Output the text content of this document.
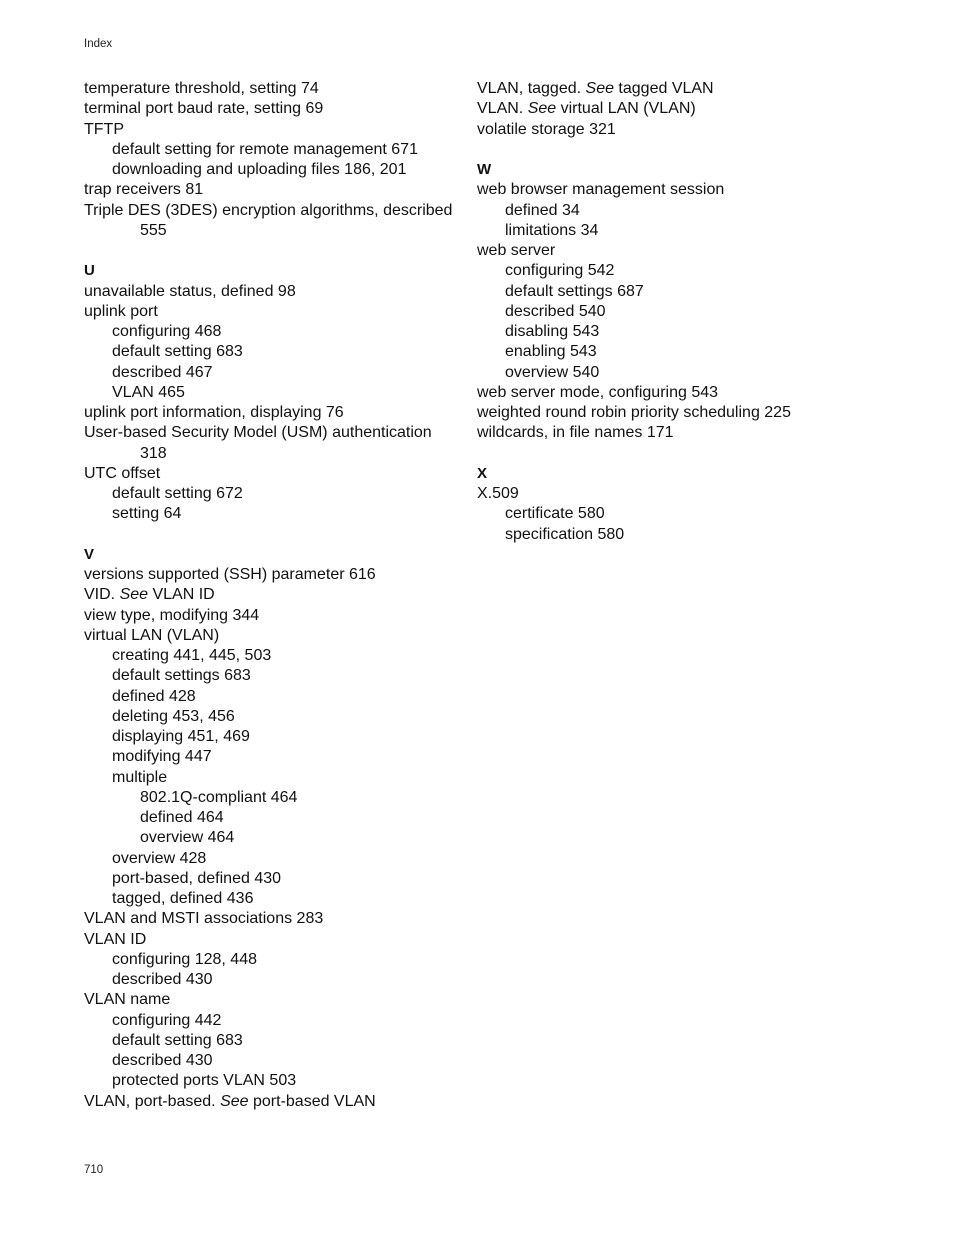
Index
temperature threshold, setting 74
terminal port baud rate, setting 69
TFTP
default setting for remote management 671
downloading and uploading files 186, 201
trap receivers 81
Triple DES (3DES) encryption algorithms, described
555
U
unavailable status, defined 98
uplink port
configuring 468
default setting 683
described 467
VLAN 465
uplink port information, displaying 76
User-based Security Model (USM) authentication
318
UTC offset
default setting 672
setting 64
V
versions supported (SSH) parameter 616
VID. See VLAN ID
view type, modifying 344
virtual LAN (VLAN)
creating 441, 445, 503
default settings 683
defined 428
deleting 453, 456
displaying 451, 469
modifying 447
multiple
802.1Q-compliant 464
defined 464
overview 464
overview 428
port-based, defined 430
tagged, defined 436
VLAN and MSTI associations 283
VLAN ID
configuring 128, 448
described 430
VLAN name
configuring 442
default setting 683
described 430
protected ports VLAN 503
VLAN, port-based. See port-based VLAN
VLAN, tagged. See tagged VLAN
VLAN. See virtual LAN (VLAN)
volatile storage 321
W
web browser management session
defined 34
limitations 34
web server
configuring 542
default settings 687
described 540
disabling 543
enabling 543
overview 540
web server mode, configuring 543
weighted round robin priority scheduling 225
wildcards, in file names 171
X
X.509
certificate 580
specification 580
710
